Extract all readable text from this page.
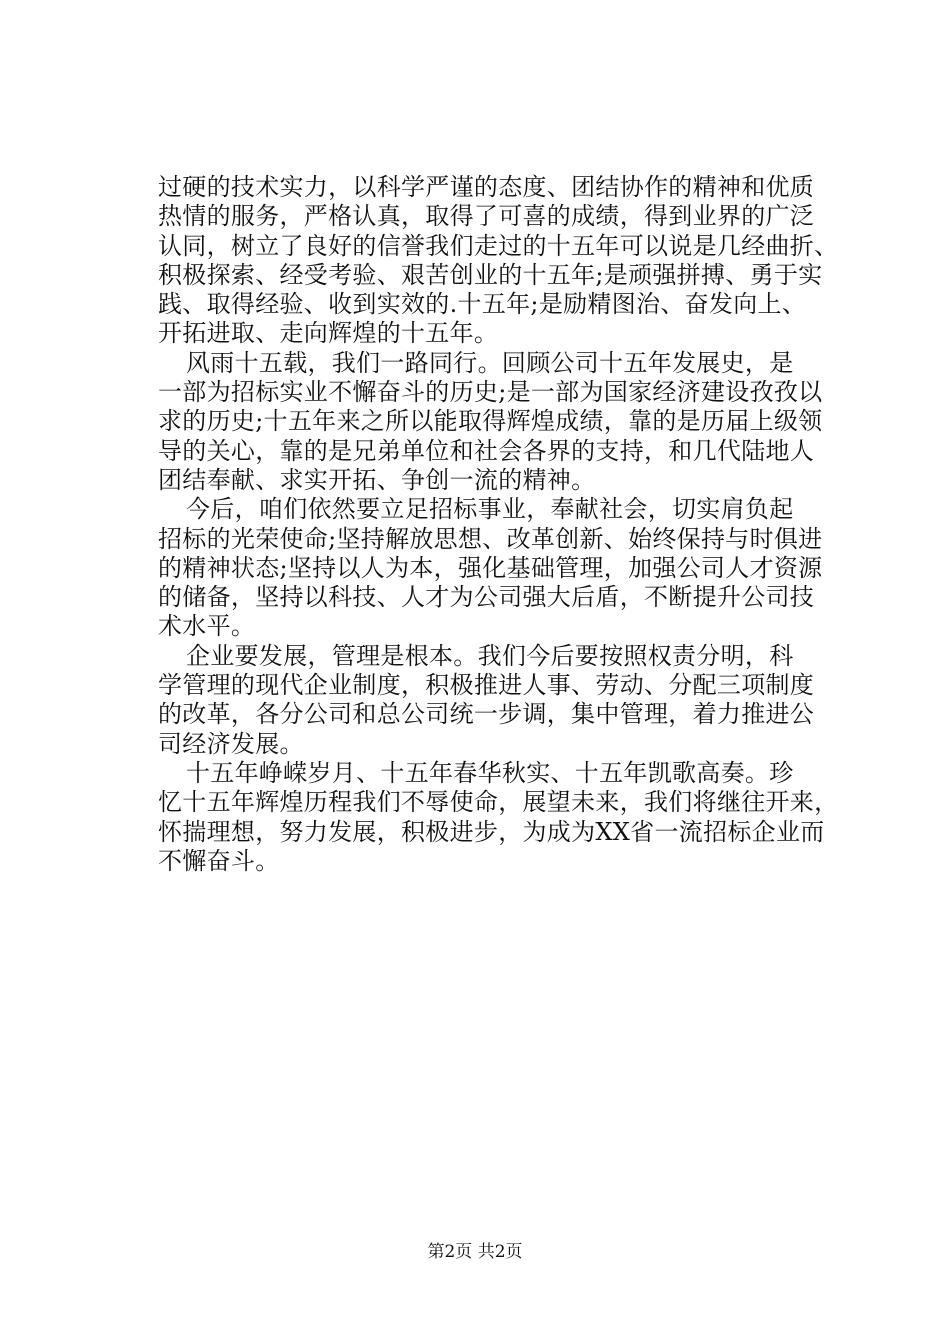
过硬的技术实力，以科学严谨的态度、团结协作的精神和优质
热情的服务，严格认真，取得了可喜的成绩，得到业界的广泛
认同，树立了良好的信誉我们走过的十五年可以说是几经曲折、
积极探索、经受考验、艰苦创业的十五年;是顽强拼搏、勇于实
践、取得经验、收到实效的.十五年;是励精图治、奋发向上、
开拓进取、走向辉煌的十五年。
风雨十五载，我们一路同行。回顾公司十五年发展史，是
一部为招标实业不懈奋斗的历史;是一部为国家经济建设孜孜以
求的历史;十五年来之所以能取得辉煌成绩，靠的是历届上级领
导的关心，靠的是兄弟单位和社会各界的支持，和几代陆地人
团结奉献、求实开拓、争创一流的精神。
今后，咱们依然要立足招标事业，奉献社会，切实肩负起
招标的光荣使命;坚持解放思想、改革创新、始终保持与时俱进
的精神状态;坚持以人为本，强化基础管理，加强公司人才资源
的储备，坚持以科技、人才为公司强大后盾，不断提升公司技
术水平。
企业要发展，管理是根本。我们今后要按照权责分明，科
学管理的现代企业制度，积极推进人事、劳动、分配三项制度
的改革，各分公司和总公司统一步调，集中管理，着力推进公
司经济发展。
十五年峥嵘岁月、十五年春华秋实、十五年凯歌高奏。珍
忆十五年辉煌历程我们不辱使命，展望未来，我们将继往开来，
怀揣理想，努力发展，积极进步，为成为XX省一流招标企业而
不懈奋斗。
第2页 共2页
